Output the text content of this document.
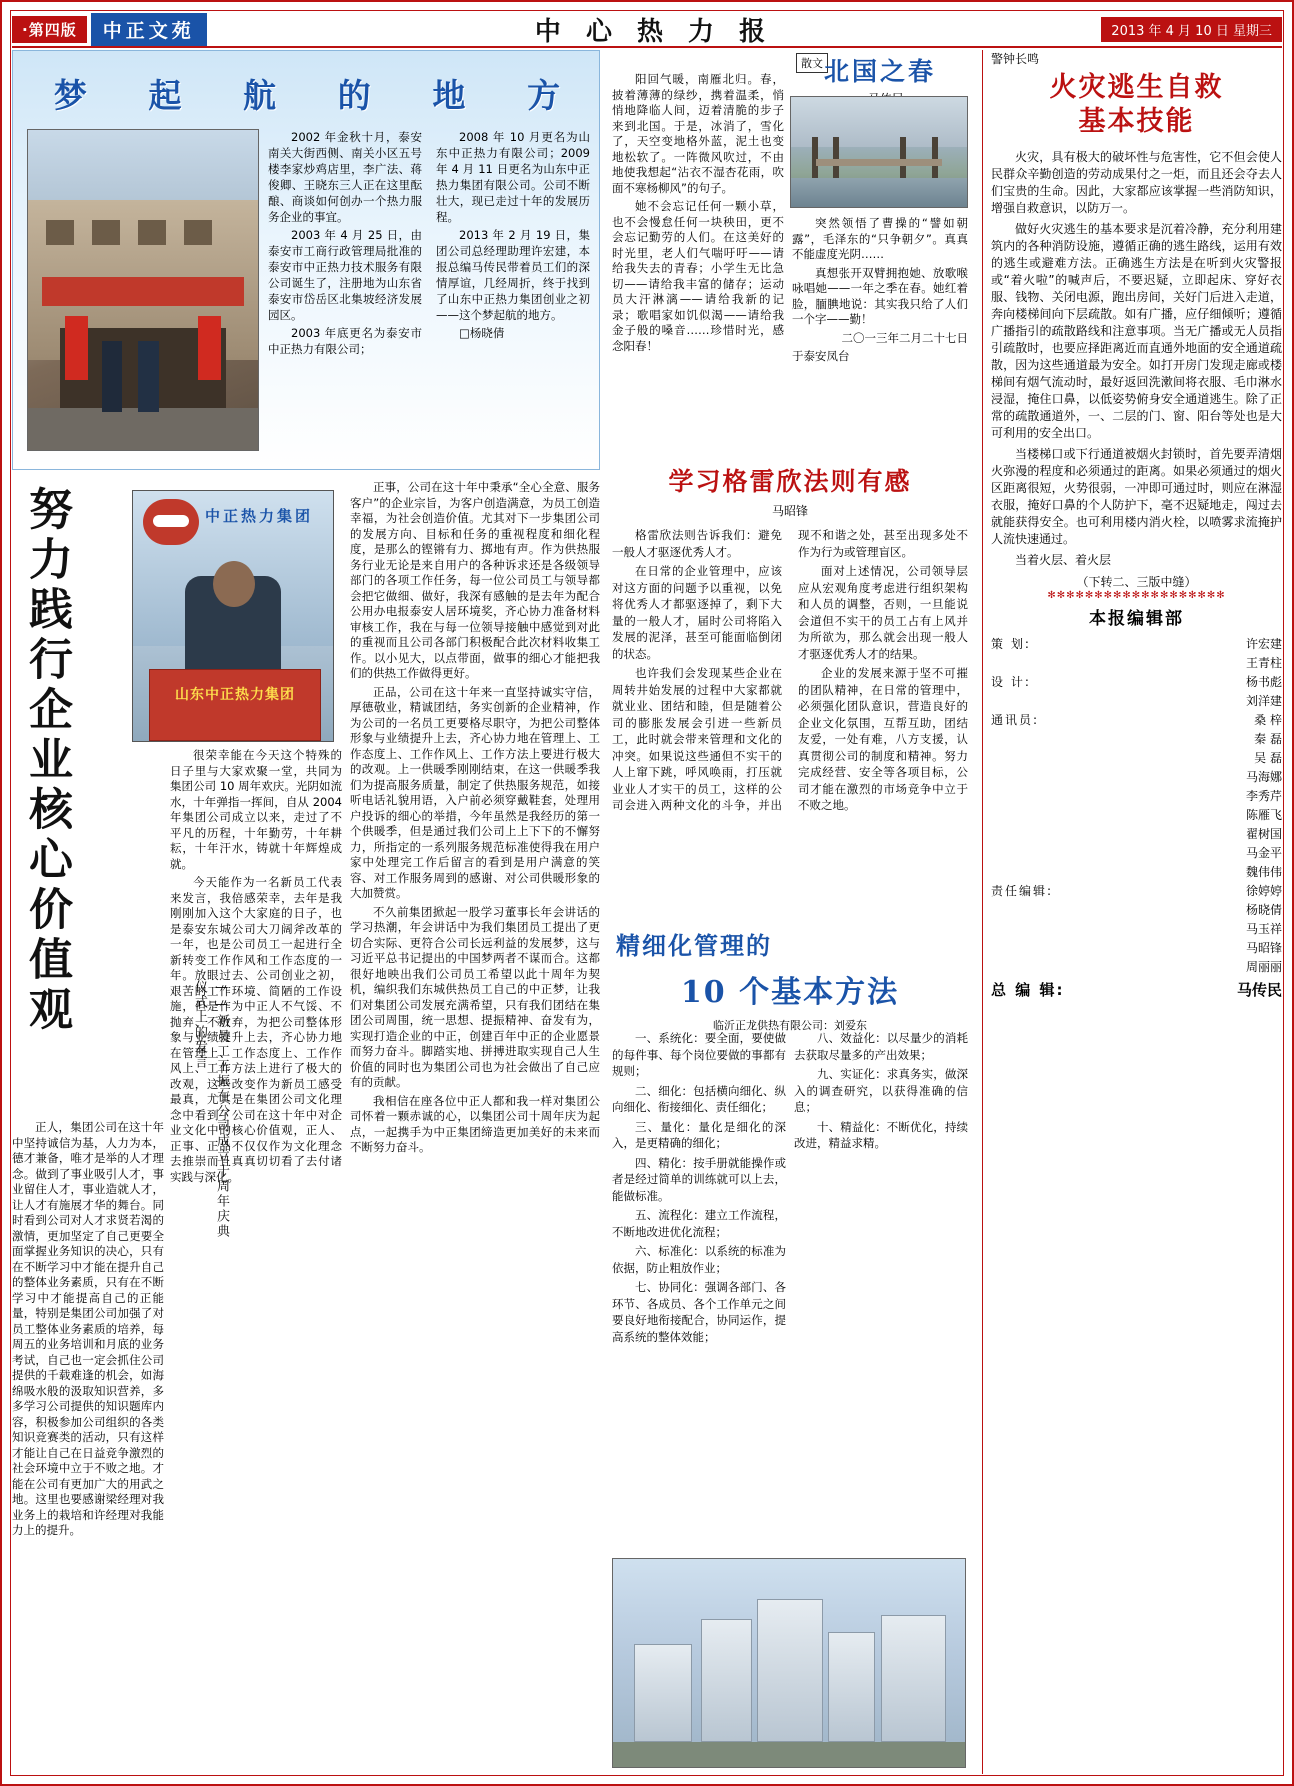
·第四版	中正文苑	中 心 热 力 报	2013 年 4 月 10 日 星期三
梦 起 航 的 地 方

2002 年金秋十月，泰安南关大街西侧、南关小区五号楼李家炒鸡店里，李广法、蒋俊卿、王晓东三人正在这里酝酿、商谈如何创办一个热力服务企业的事宜。

2003 年 4 月 25 日，由泰安市工商行政管理局批准的泰安市中正热力技术服务有限公司诞生了，注册地为山东省泰安市岱岳区北集坡经济发展园区。

2003 年底更名为泰安市中正热力有限公司；

2008 年 10 月更名为山东中正热力有限公司；2009 年 4 月 11 日更名为山东中正热力集团有限公司。公司不断壮大，现已走过十年的发展历程。

2013 年 2 月 19 日，集团公司总经理助理许宏建，本报总编马传民带着员工们的深情厚谊，几经周折，终于找到了山东中正热力集团创业之初——这个梦起航的地方。

□杨晓倩

努力践行企业核心价值观
——新员工王振在公司成立十周年庆典仪式上的发言
中正热力集团
山东中正热力集团

很荣幸能在今天这个特殊的日子里与大家欢聚一堂，共同为集团公司 10 周年欢庆。光阴如流水，十年弹指一挥间，自从 2004 年集团公司成立以来，走过了不平凡的历程，十年勤劳，十年耕耘，十年汗水，铸就十年辉煌成就。

今天能作为一名新员工代表来发言，我倍感荣幸，去年是我刚刚加入这个大家庭的日子，也是泰安东城公司大刀阔斧改革的一年，也是公司员工一起进行全新转变工作作风和工作态度的一年。放眼过去、公司创业之初，艰苦的工作环境、简陋的工作设施，但是作为中正人不气馁、不抛弃、不放弃，为把公司整体形象与业绩提升上去，齐心协力地在管理上、工作态度上、工作作风上、工作方法上进行了极大的改观，这些改变作为新员工感受最真，尤其是在集团公司文化理念中看到了公司在这十年中对企业文化中的核心价值观，正人、正事、正品不仅仅作为文化理念去推崇而且真真切切看了去付诸实践与深化。

正人，集团公司在这十年中坚持诚信为基，人力为本，德才兼备，唯才是举的人才理念。做到了事业吸引人才，事业留住人才，事业造就人才，让人才有施展才华的舞台。同时看到公司对人才求贤若渴的激情，更加坚定了自己更要全面掌握业务知识的决心，只有在不断学习中才能在提升自己的整体业务素质，只有在不断学习中才能提高自己的正能量，特别是集团公司加强了对员工整体业务素质的培养，每周五的业务培训和月底的业务考试，自己也一定会抓住公司提供的千载难逢的机会，如海绵吸水般的汲取知识营养，多多学习公司提供的知识题库内容，积极参加公司组织的各类知识竞赛类的活动，只有这样才能让自己在日益竞争激烈的社会环境中立于不败之地。才能在公司有更加广大的用武之地。这里也要感谢梁经理对我业务上的栽培和许经理对我能力上的提升。

正事，公司在这十年中秉承“全心全意、服务客户”的企业宗旨，为客户创造满意，为员工创造幸福，为社会创造价值。尤其对下一步集团公司的发展方向、目标和任务的重视程度和细化程度，是那么的铿锵有力、掷地有声。作为供热服务行业无论是来自用户的各种诉求还是各级领导部门的各项工作任务，每一位公司员工与领导都会把它做细、做好，我深有感触的是去年为配合公用办电报泰安人居环境奖，齐心协力准备材料审核工作，我在与每一位领导接触中感觉到对此的重视而且公司各部门积极配合此次材料收集工作。以小见大，以点带面，做事的细心才能把我们的供热工作做得更好。

正品，公司在这十年来一直坚持诚实守信，厚德敬业，精诚团结，务实创新的企业精神，作为公司的一名员工更要格尽职守，为把公司整体形象与业绩提升上去，齐心协力地在管理上、工作态度上、工作作风上、工作方法上要进行极大的改观。上一供暖季刚刚结束，在这一供暖季我们为提高服务质量，制定了供热服务规范，如接听电话礼貌用语，入户前必须穿戴鞋套，处理用户投诉的细心的举措，今年虽然是我经历的第一个供暖季，但是通过我们公司上上下下的不懈努力，所指定的一系列服务规范标准使得我在用户家中处理完工作后留言的看到是用户满意的笑容、对工作服务周到的感谢、对公司供暖形象的大加赞赏。

不久前集团掀起一股学习董事长年会讲话的学习热潮，年会讲话中为我们集团员工提出了更切合实际、更符合公司长远利益的发展梦，这与习近平总书记提出的中国梦两者不谋而合。这都很好地映出我们公司员工希望以此十周年为契机，编织我们东城供热员工自己的中正梦，让我们对集团公司发展充满希望，只有我们团结在集团公司周围，统一思想、提振精神、奋发有为，实现打造企业的中正，创建百年中正的企业愿景而努力奋斗。脚踏实地、拼搏进取实现自己人生价值的同时也为集团公司也为社会做出了自己应有的贡献。

我相信在座各位中正人都和我一样对集团公司怀着一颗赤诚的心，以集团公司十周年庆为起点，一起携手为中正集团缔造更加美好的未来而不断努力奋斗。

散文 北国之春

阳回气暖，南雁北归。春，披着薄薄的绿纱，携着温柔，悄悄地降临人间，迈着清脆的步子来到北国。于是，冰消了，雪化了，天空变地格外蓝，泥土也变地松软了。一阵微风吹过，不由地使我想起“沾衣不湿杏花雨，吹面不寒杨柳风”的句子。

她不会忘记任何一颗小草，也不会慢怠任何一块秧田，更不会忘记勤劳的人们。在这美好的时光里，老人们气喘吁吁——请给我失去的青春；小学生无比急切——请给我丰富的储存；运动员大汗淋漓——请给我新的记录；歌唱家如饥似渴——请给我金子般的嗓音……珍惜时光，感念阳春！

突然领悟了曹操的“譬如朝露”，毛泽东的“只争朝夕”。真真不能虚度光阴……

真想张开双臂拥抱她、放歌喉咏唱她——一年之季在春。她红着脸，腼腆地说：其实我只给了人们一个字——勤！

二〇一三年二月二十七日

于泰安凤台

学习格雷欣法则有感
马昭锋

格雷欣法则告诉我们：避免一般人才驱逐优秀人才。

在日常的企业管理中，应该对这方面的问题予以重视，以免将优秀人才都驱逐掉了，剩下大量的一般人才，届时公司将陷入发展的泥泽，甚至可能面临倒闭的状态。

也许我们会发现某些企业在周转井始发展的过程中大家都就就业业、团结和睦，但是随着公司的膨胀发展会引进一些新员工，此时就会带来管理和文化的冲突。如果说这些通但不实干的人上窜下跳，呼风唤雨，打压就业业人才实干的员工，这样的公司会进入两种文化的斗争，并出现不和谐之处，甚至出现多处不作为行为或管理盲区。

面对上述情况，公司领导层应从宏观角度考虑进行组织架构和人员的调整，否则，一旦能说会道但不实干的员工占有上风并为所欲为，那么就会出现一般人才驱逐优秀人才的结果。

企业的发展来源于坚不可摧的团队精神，在日常的管理中，必须强化团队意识，营造良好的企业文化氛围，互帮互助，团结友爱，一处有难，八方支援，认真贯彻公司的制度和精神。努力完成经营、安全等各项目标，公司才能在激烈的市场竞争中立于不败之地。

精细化管理的
10 个基本方法
临沂正龙供热有限公司：刘爱东

八、效益化：以尽量少的消耗去获取尽量多的产出效果；

九、实证化：求真务实，做深入的调查研究，以获得准确的信息；

十、精益化：不断优化，持续改进，精益求精。

一、系统化：要全面，要使做的每件事、每个岗位要做的事都有规则；

二、细化：包括横向细化、纵向细化、衔接细化、责任细化；

三、量化：量化是细化的深入，是更精确的细化；

四、精化：按手册就能操作或者是经过简单的训练就可以上去，能做标准。

五、流程化：建立工作流程，不断地改进优化流程；

六、标准化：以系统的标准为依据，防止粗放作业；

七、协同化：强调各部门、各环节、各成员、各个工作单元之间要良好地衔接配合，协同运作，提高系统的整体效能；

警钟长鸣
火灾逃生自救
基本技能

火灾，具有极大的破坏性与危害性，它不但会使人民群众辛勤创造的劳动成果付之一炬，而且还会夺去人们宝贵的生命。因此，大家都应该掌握一些消防知识，增强自救意识，以防万一。

做好火灾逃生的基本要求是沉着冷静，充分利用建筑内的各种消防设施，遵循正确的逃生路线，运用有效的逃生或避难方法。正确逃生方法是在听到火灾警报或“着火啦”的喊声后，不要迟疑，立即起床、穿好衣服、钱物、关闭电源，跑出房间，关好门后进入走道，奔向楼梯间向下层疏散。如有广播，应仔细倾听；遵循广播指引的疏散路线和注意事项。当无广播或无人员指引疏散时，也要应择距离近而直通外地面的安全通道疏散，因为这些通道最为安全。如打开房门发现走廊或楼梯间有烟气流动时，最好返回洗漱间将衣服、毛巾淋水浸湿，掩住口鼻，以低姿势俯身安全通道逃生。除了正常的疏散通道外，一、二层的门、窗、阳台等处也是大可利用的安全出口。

当楼梯口或下行通道被烟火封锁时，首先要弄清烟火弥漫的程度和必须通过的距离。如果必须通过的烟火区距离很短，火势很弱，一冲即可通过时，则应在淋湿衣服，掩好口鼻的个人防护下，毫不迟疑地走，闯过去就能获得安全。也可利用楼内消火栓，以喷雾求流掩护人流快速通过。

当着火层、着火层

（下转二、三版中缝）
✻✻✻✻✻✻✻✻✻✻✻✻✻✻✻✻✻✻✻
本报编辑部
策 划:	许宏建
王青柱
设 计:	杨书彪
刘洋建
通讯员:	桑 梓
秦 磊
吴 磊
马海娜
李秀芹
陈雁飞
翟树国
马金平
魏伟伟
责任编辑:	徐婷婷
杨晓倩
马玉祥
马昭锋
周丽丽
总 编 辑:	马传民
